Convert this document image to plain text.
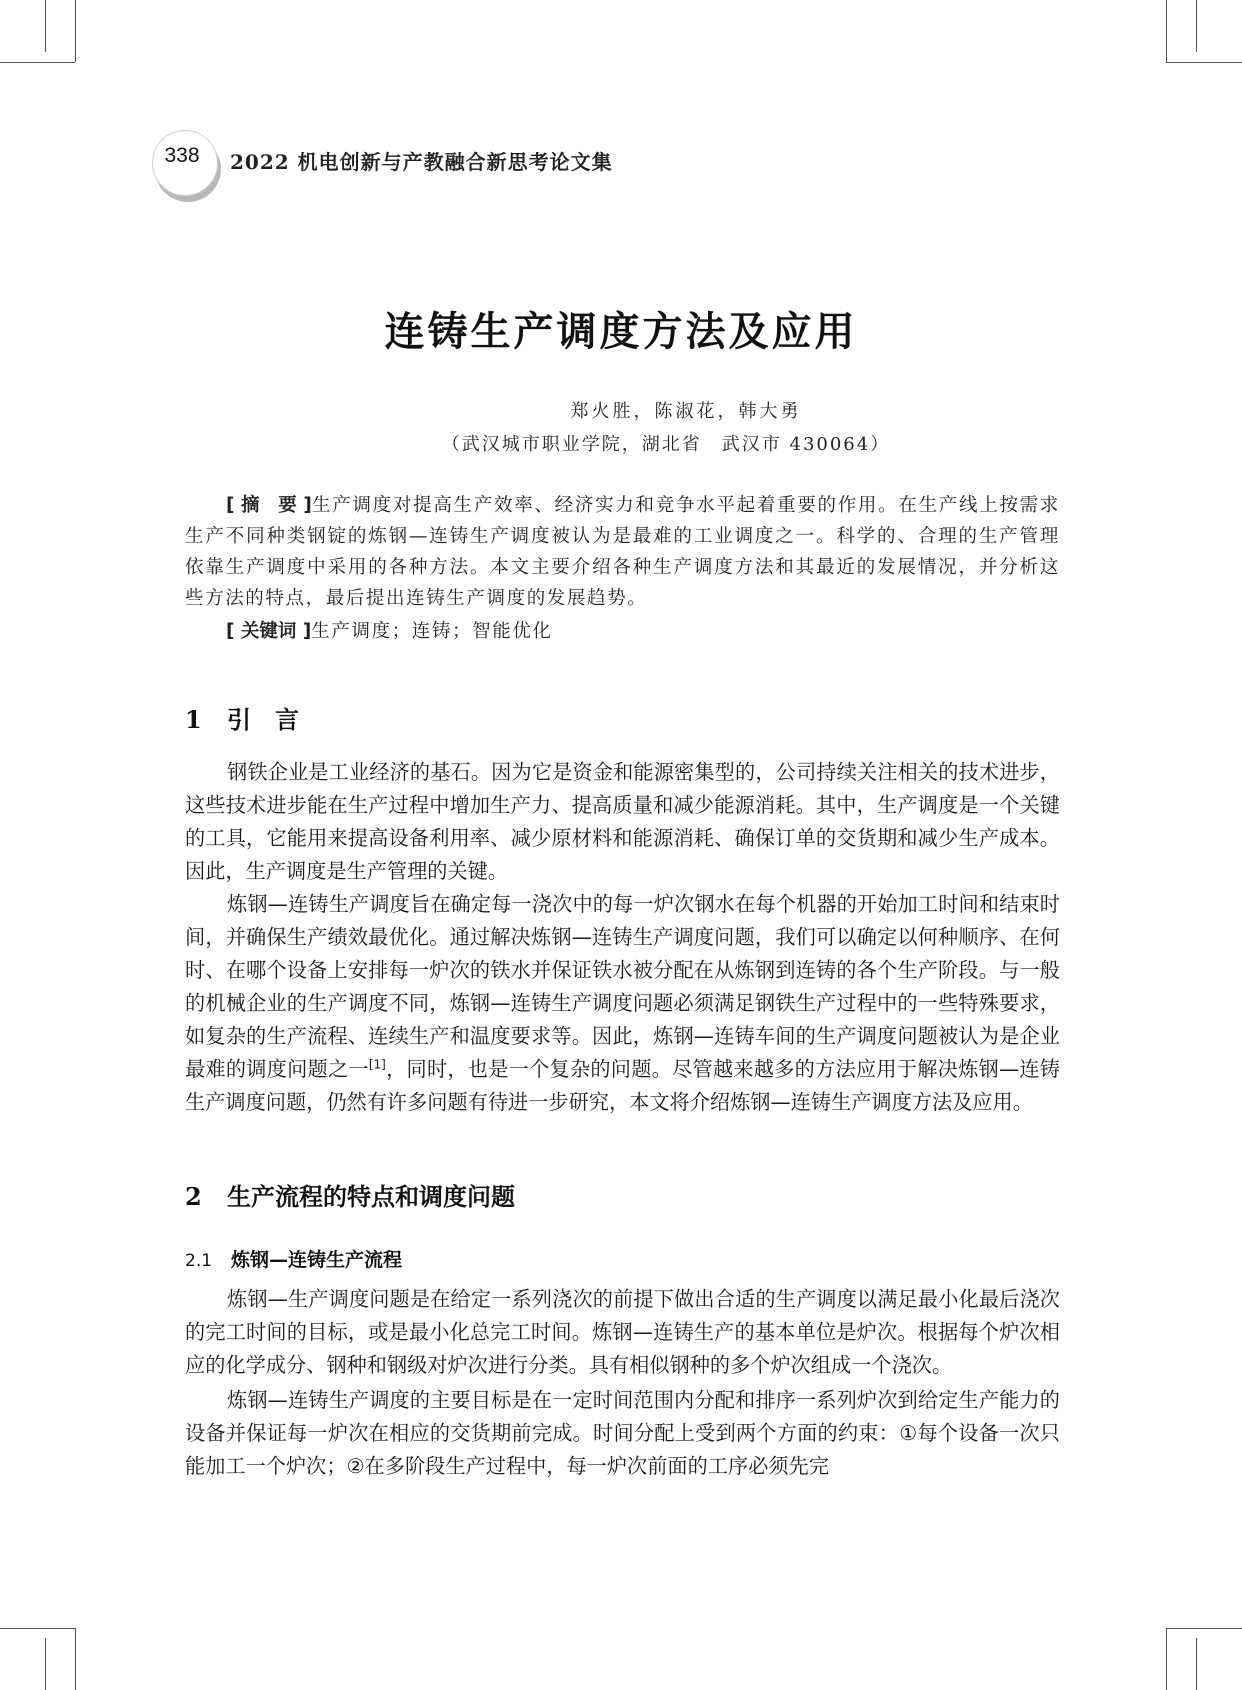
338 2022 机电创新与产教融合新思考论文集
连铸生产调度方法及应用
郑火胜，陈淑花，韩大勇
（武汉城市职业学院，湖北省　武汉市 430064）

[ 摘　要 ]生产调度对提高生产效率、经济实力和竞争水平起着重要的作用。在生产线上按需求生产不同种类钢锭的炼钢—连铸生产调度被认为是最难的工业调度之一。科学的、合理的生产管理依靠生产调度中采用的各种方法。本文主要介绍各种生产调度方法和其最近的发展情况，并分析这些方法的特点，最后提出连铸生产调度的发展趋势。

[ 关键词 ]生产调度；连铸；智能优化

1 引　言

钢铁企业是工业经济的基石。因为它是资金和能源密集型的，公司持续关注相关的技术进步，这些技术进步能在生产过程中增加生产力、提高质量和减少能源消耗。其中，生产调度是一个关键的工具，它能用来提高设备利用率、减少原材料和能源消耗、确保订单的交货期和减少生产成本。因此，生产调度是生产管理的关键。

炼钢—连铸生产调度旨在确定每一浇次中的每一炉次钢水在每个机器的开始加工时间和结束时间，并确保生产绩效最优化。通过解决炼钢—连铸生产调度问题，我们可以确定以何种顺序、在何时、在哪个设备上安排每一炉次的铁水并保证铁水被分配在从炼钢到连铸的各个生产阶段。与一般的机械企业的生产调度不同，炼钢—连铸生产调度问题必须满足钢铁生产过程中的一些特殊要求，如复杂的生产流程、连续生产和温度要求等。因此，炼钢—连铸车间的生产调度问题被认为是企业最难的调度问题之一[1]，同时，也是一个复杂的问题。尽管越来越多的方法应用于解决炼钢—连铸生产调度问题，仍然有许多问题有待进一步研究，本文将介绍炼钢—连铸生产调度方法及应用。

2 生产流程的特点和调度问题
2.1 炼钢—连铸生产流程

炼钢—生产调度问题是在给定一系列浇次的前提下做出合适的生产调度以满足最小化最后浇次的完工时间的目标，或是最小化总完工时间。炼钢—连铸生产的基本单位是炉次。根据每个炉次相应的化学成分、钢种和钢级对炉次进行分类。具有相似钢种的多个炉次组成一个浇次。

炼钢—连铸生产调度的主要目标是在一定时间范围内分配和排序一系列炉次到给定生产能力的设备并保证每一炉次在相应的交货期前完成。时间分配上受到两个方面的约束：①每个设备一次只能加工一个炉次；②在多阶段生产过程中，每一炉次前面的工序必须先完
